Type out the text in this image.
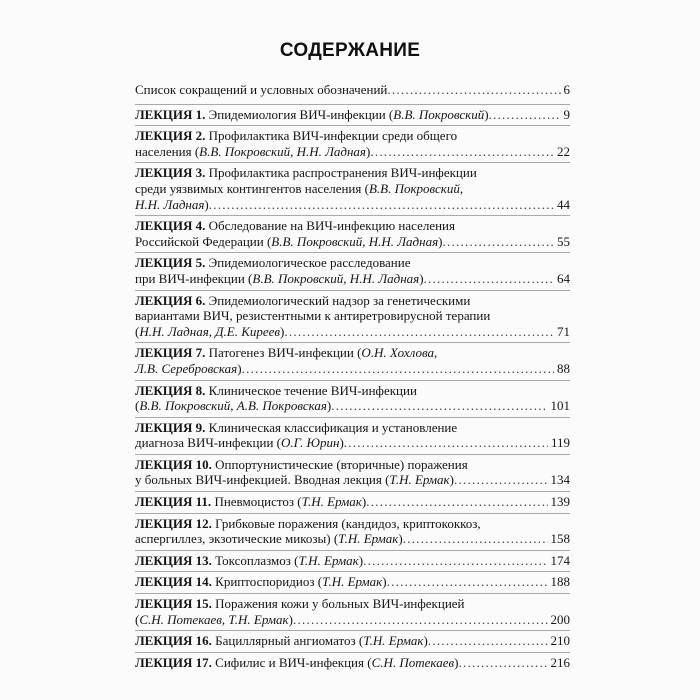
СОДЕРЖАНИЕ
Список сокращений и условных обозначений . . .	6
ЛЕКЦИЯ 1. Эпидемиология ВИЧ-инфекции (В.В. Покровский) . . .	9
ЛЕКЦИЯ 2. Профилактика ВИЧ-инфекции среди общего
населения (В.В. Покровский, Н.Н. Ладная) . . .	22
ЛЕКЦИЯ 3. Профилактика распространения ВИЧ-инфекции
среди уязвимых контингентов населения (В.В. Покровский,
Н.Н. Ладная) . . .	44
ЛЕКЦИЯ 4. Обследование на ВИЧ-инфекцию населения
Российской Федерации (В.В. Покровский, Н.Н. Ладная) . . .	55
ЛЕКЦИЯ 5. Эпидемиологическое расследование
при ВИЧ-инфекции (В.В. Покровский, Н.Н. Ладная) . . .	64
ЛЕКЦИЯ 6. Эпидемиологический надзор за генетическими
вариантами ВИЧ, резистентными к антиретровирусной терапии
(Н.Н. Ладная, Д.Е. Киреев) . . .	71
ЛЕКЦИЯ 7. Патогенез ВИЧ-инфекции (О.Н. Хохлова,
Л.В. Серебровская) . . .	88
ЛЕКЦИЯ 8. Клиническое течение ВИЧ-инфекции
(В.В. Покровский, А.В. Покровская) . . .	101
ЛЕКЦИЯ 9. Клиническая классификация и установление
диагноза ВИЧ-инфекции (О.Г. Юрин) . . .	119
ЛЕКЦИЯ 10. Оппортунистические (вторичные) поражения
у больных ВИЧ-инфекцией. Вводная лекция (Т.Н. Ермак) . . .	134
ЛЕКЦИЯ 11. Пневмоцистоз (Т.Н. Ермак) . . .	139
ЛЕКЦИЯ 12. Грибковые поражения (кандидоз, криптококкоз,
аспергиллез, экзотические микозы) (Т.Н. Ермак) . . .	158
ЛЕКЦИЯ 13. Токсоплазмоз (Т.Н. Ермак) . . .	174
ЛЕКЦИЯ 14. Криптоспоридиоз (Т.Н. Ермак) . . .	188
ЛЕКЦИЯ 15. Поражения кожи у больных ВИЧ-инфекцией
(С.Н. Потекаев, Т.Н. Ермак) . . .	200
ЛЕКЦИЯ 16. Бациллярный ангиоматоз (Т.Н. Ермак) . . .	210
ЛЕКЦИЯ 17. Сифилис и ВИЧ-инфекция (С.Н. Потекаев) . . .	216
